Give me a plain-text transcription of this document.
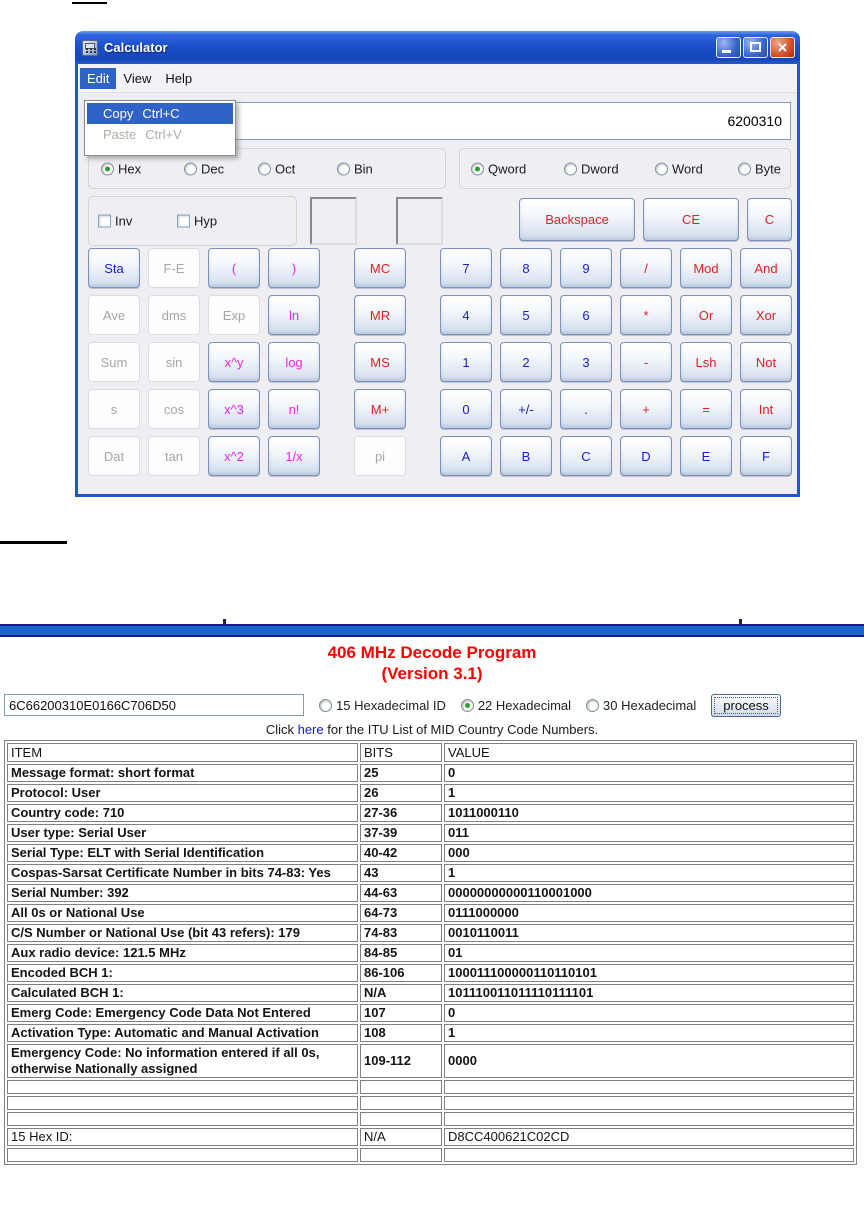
Calculator
×
Edit	View	Help
6200310
Copy Ctrl+C
Paste Ctrl+V
Hex	Dec	Oct	Bin	Qword	Dword	Word	Byte
Inv	Hyp	Backspace	CE	C
Sta	F-E	(	)	MC	7	8	9	/	Mod	And
Ave	dms	Exp	ln	MR	4	5	6	*	Or	Xor
Sum	sin	x^y	log	MS	1	2	3	-	Lsh	Not
s	cos	x^3	n!	M+	0	+/-	.	+	=	Int
Dat	tan	x^2	1/x	pi	A	B	C	D	E	F
406 MHz Decode Program
(Version 3.1)
6C66200310E0166C706D50
15 Hexadecimal ID 22 Hexadecimal 30 Hexadecimal	process
Click here for the ITU List of MID Country Code Numbers.
ITEM	BITS	VALUE
Message format: short format	25	0
Protocol: User	26	1
Country code: 710	27-36	1011000110
User type: Serial User	37-39	011
Serial Type: ELT with Serial Identification	40-42	000
Cospas-Sarsat Certificate Number in bits 74-83: Yes	43	1
Serial Number: 392	44-63	00000000000110001000
All 0s or National Use	64-73	0111000000
C/S Number or National Use (bit 43 refers): 179	74-83	0010110011
Aux radio device: 121.5 MHz	84-85	01
Encoded BCH 1:	86-106	100011100000110110101
Calculated BCH 1:	N/A	101110011011110111101
Emerg Code: Emergency Code Data Not Entered	107	0
Activation Type: Automatic and Manual Activation	108	1
Emergency Code: No information entered if all 0s, otherwise Nationally assigned	109-112	0000

15 Hex ID:	N/A	D8CC400621C02CD
